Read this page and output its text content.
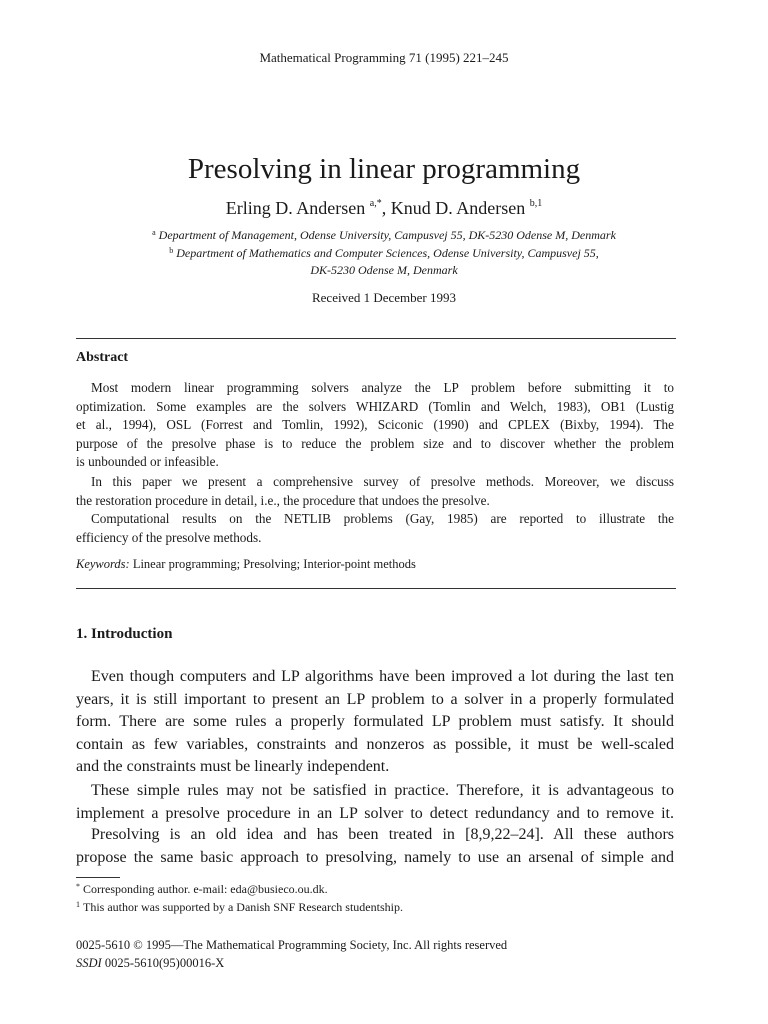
Mathematical Programming 71 (1995) 221–245
Presolving in linear programming
Erling D. Andersen $^{a,*}$, Knud D. Andersen $^{b,1}$
$^a$ Department of Management, Odense University, Campusvej 55, DK-5230 Odense M, Denmark
$^b$ Department of Mathematics and Computer Sciences, Odense University, Campusvej 55,
DK-5230 Odense M, Denmark
Received 1 December 1993
Abstract
Most modern linear programming solvers analyze the LP problem before submitting it to
optimization. Some examples are the solvers WHIZARD (Tomlin and Welch, 1983), OB1 (Lustig
et al., 1994), OSL (Forrest and Tomlin, 1992), Sciconic (1990) and CPLEX (Bixby, 1994). The
purpose of the presolve phase is to reduce the problem size and to discover whether the problem
is unbounded or infeasible.
In this paper we present a comprehensive survey of presolve methods. Moreover, we discuss
the restoration procedure in detail, i.e., the procedure that undoes the presolve.
Computational results on the NETLIB problems (Gay, 1985) are reported to illustrate the
efficiency of the presolve methods.
Keywords: Linear programming; Presolving; Interior-point methods
1. Introduction
Even though computers and LP algorithms have been improved a lot during the last ten
years, it is still important to present an LP problem to a solver in a properly formulated
form. There are some rules a properly formulated LP problem must satisfy. It should
contain as few variables, constraints and nonzeros as possible, it must be well-scaled
and the constraints must be linearly independent.
These simple rules may not be satisfied in practice. Therefore, it is advantageous to
implement a presolve procedure in an LP solver to detect redundancy and to remove it.
Presolving is an old idea and has been treated in [8,9,22–24]. All these authors
propose the same basic approach to presolving, namely to use an arsenal of simple and
* Corresponding author. e-mail: eda@busieco.ou.dk.
$^1$ This author was supported by a Danish SNF Research studentship.
0025-5610 © 1995—The Mathematical Programming Society, Inc. All rights reserved
SSDI 0025-5610(95)00016-X
